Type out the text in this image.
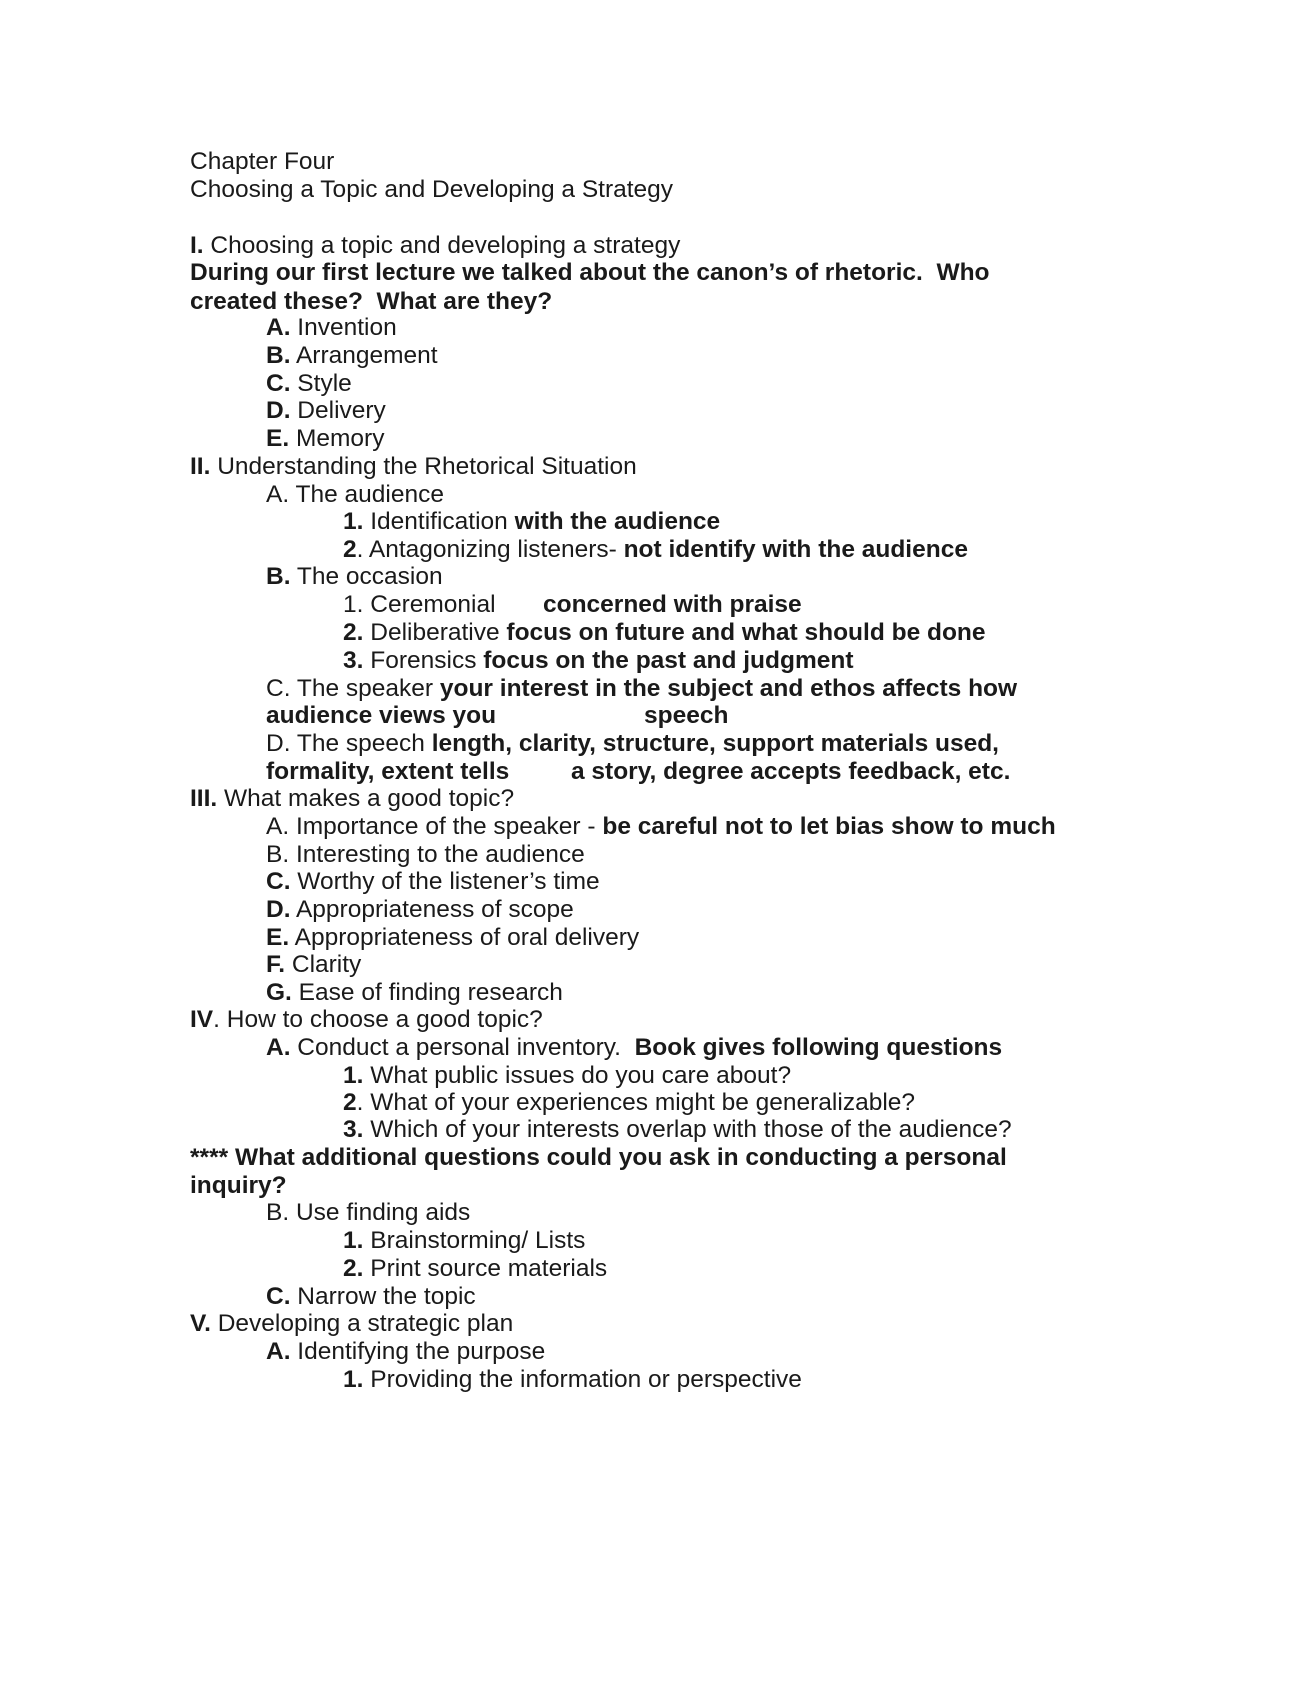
Chapter Four
Choosing a Topic and Developing a Strategy
I. Choosing a topic and developing a strategy
During our first lecture we talked about the canon’s of rhetoric.  Who
created these?  What are they?
A. Invention
B. Arrangement
C. Style
D. Delivery
E. Memory
II. Understanding the Rhetorical Situation
A. The audience
1. Identification with the audience
2. Antagonizing listeners- not identify with the audience
B. The occasion
1. Ceremonial concerned with praise
2. Deliberative focus on future and what should be done
3. Forensics focus on the past and judgment
C. The speaker your interest in the subject and ethos affects how
audience views you	speech
D. The speech length, clarity, structure, support materials used,
formality, extent tells	a story, degree accepts feedback, etc.
III. What makes a good topic?
A. Importance of the speaker - be careful not to let bias show to much
B. Interesting to the audience
C. Worthy of the listener’s time
D. Appropriateness of scope
E. Appropriateness of oral delivery
F. Clarity
G. Ease of finding research
IV. How to choose a good topic?
A. Conduct a personal inventory.  Book gives following questions
1. What public issues do you care about?
2. What of your experiences might be generalizable?
3. Which of your interests overlap with those of the audience?
**** What additional questions could you ask in conducting a personal
inquiry?
B. Use finding aids
1. Brainstorming/ Lists
2. Print source materials
C. Narrow the topic
V. Developing a strategic plan
A. Identifying the purpose
1. Providing the information or perspective
